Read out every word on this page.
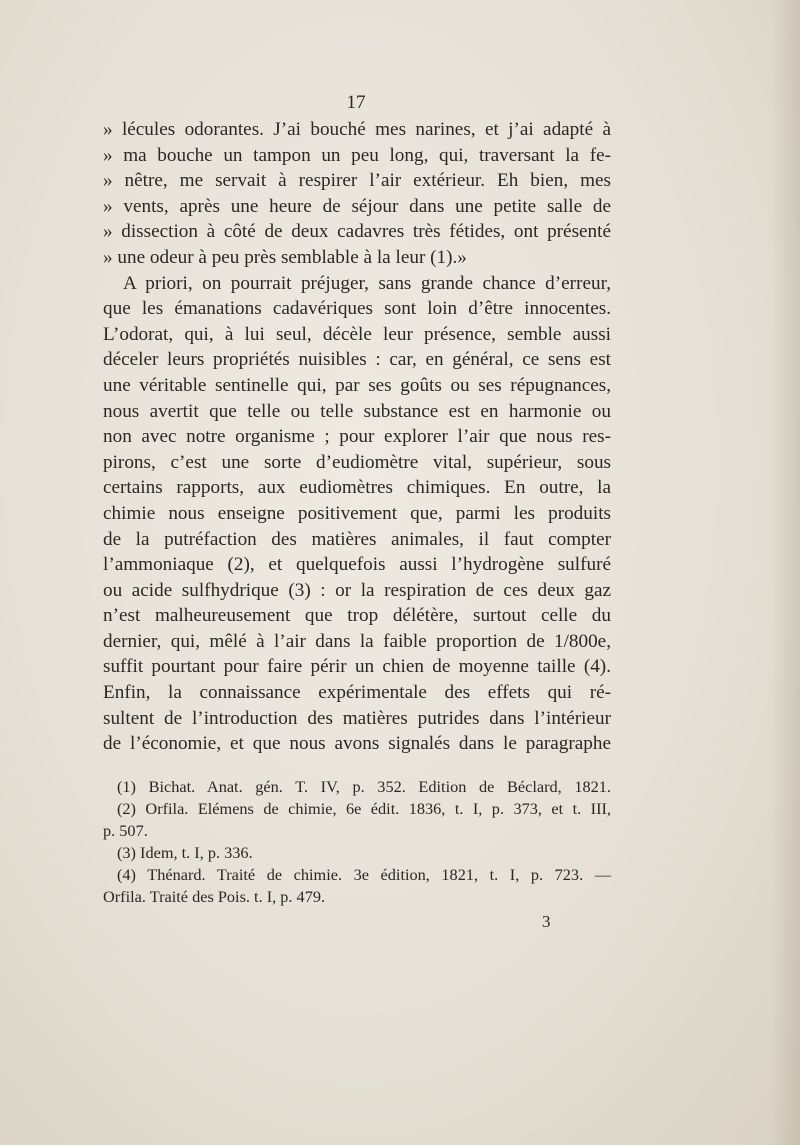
17
» lécules odorantes. J’ai bouché mes narines, et j’ai adapté à
» ma bouche un tampon un peu long, qui, traversant la fe-
» nêtre, me servait à respirer l’air extérieur. Eh bien, mes
» vents, après une heure de séjour dans une petite salle de
» dissection à côté de deux cadavres très fétides, ont présenté
» une odeur à peu près semblable à la leur (1).»
A priori, on pourrait préjuger, sans grande chance d’erreur,
que les émanations cadavériques sont loin d’être innocentes.
L’odorat, qui, à lui seul, décèle leur présence, semble aussi
déceler leurs propriétés nuisibles : car, en général, ce sens est
une véritable sentinelle qui, par ses goûts ou ses répugnances,
nous avertit que telle ou telle substance est en harmonie ou
non avec notre organisme ; pour explorer l’air que nous res-
pirons, c’est une sorte d’eudiomètre vital, supérieur, sous
certains rapports, aux eudiomètres chimiques. En outre, la
chimie nous enseigne positivement que, parmi les produits
de la putréfaction des matières animales, il faut compter
l’ammoniaque (2), et quelquefois aussi l’hydrogène sulfuré
ou acide sulfhydrique (3) : or la respiration de ces deux gaz
n’est malheureusement que trop délétère, surtout celle du
dernier, qui, mêlé à l’air dans la faible proportion de 1/800e,
suffit pourtant pour faire périr un chien de moyenne taille (4).
Enfin, la connaissance expérimentale des effets qui ré-
sultent de l’introduction des matières putrides dans l’intérieur
de l’économie, et que nous avons signalés dans le paragraphe
(1) Bichat. Anat. gén. T. IV, p. 352. Edition de Béclard, 1821.
(2) Orfila. Elémens de chimie, 6e édit. 1836, t. I, p. 373, et t. III,
p. 507.
(3) Idem, t. I, p. 336.
(4) Thénard. Traité de chimie. 3e édition, 1821, t. I, p. 723. —
Orfila. Traité des Pois. t. I, p. 479.
3
